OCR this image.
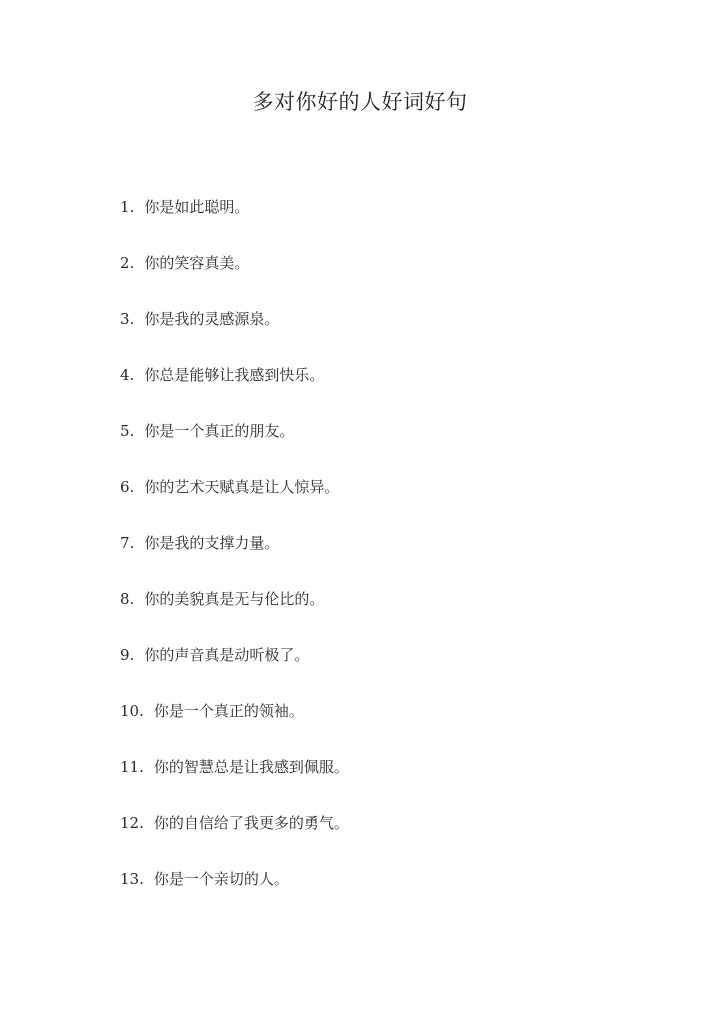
多对你好的人好词好句
1. 你是如此聪明。
2. 你的笑容真美。
3. 你是我的灵感源泉。
4. 你总是能够让我感到快乐。
5. 你是一个真正的朋友。
6. 你的艺术天赋真是让人惊异。
7. 你是我的支撑力量。
8. 你的美貌真是无与伦比的。
9. 你的声音真是动听极了。
10. 你是一个真正的领袖。
11. 你的智慧总是让我感到佩服。
12. 你的自信给了我更多的勇气。
13. 你是一个亲切的人。
